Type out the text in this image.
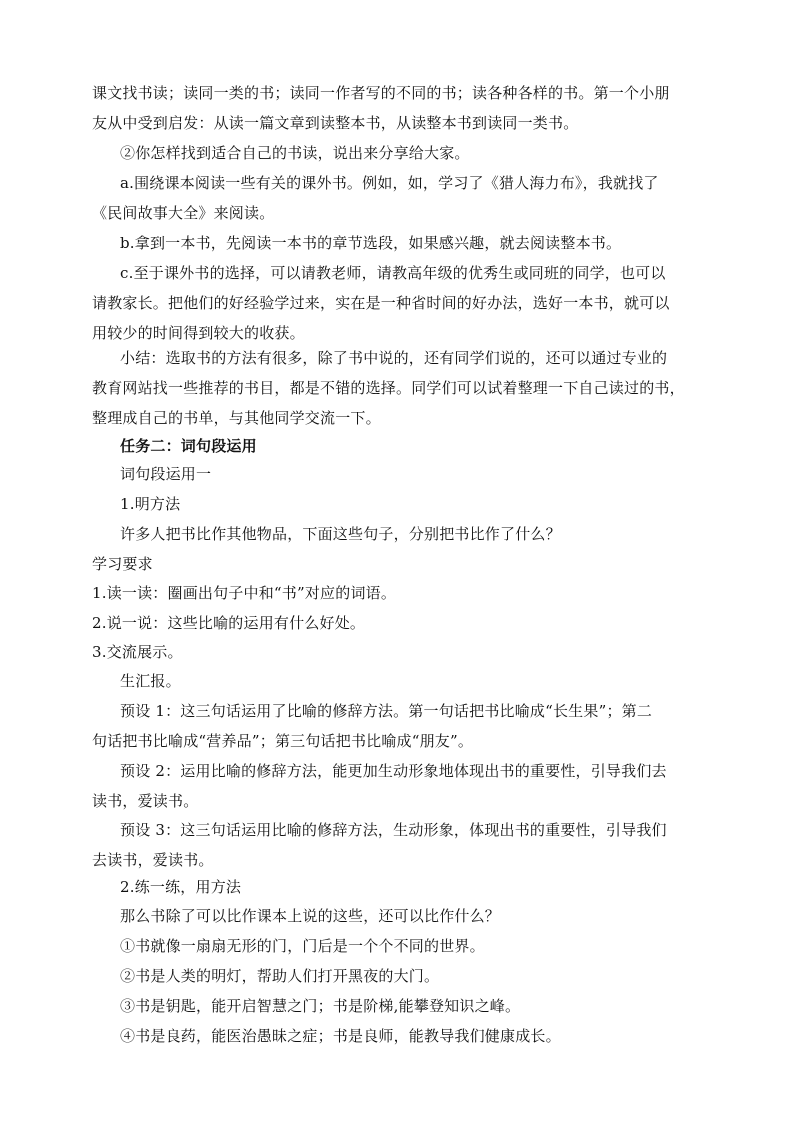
课文找书读；读同一类的书；读同一作者写的不同的书；读各种各样的书。第一个小朋
友从中受到启发：从读一篇文章到读整本书，从读整本书到读同一类书。
②你怎样找到适合自己的书读，说出来分享给大家。
a.围绕课本阅读一些有关的课外书。例如，如，学习了《猎人海力布》，我就找了
《民间故事大全》来阅读。
b.拿到一本书，先阅读一本书的章节选段，如果感兴趣，就去阅读整本书。
c.至于课外书的选择，可以请教老师，请教高年级的优秀生或同班的同学，也可以
请教家长。把他们的好经验学过来，实在是一种省时间的好办法，选好一本书，就可以
用较少的时间得到较大的收获。
小结：选取书的方法有很多，除了书中说的，还有同学们说的，还可以通过专业的
教育网站找一些推荐的书目，都是不错的选择。同学们可以试着整理一下自己读过的书，
整理成自己的书单，与其他同学交流一下。
任务二：词句段运用
词句段运用一
1.明方法
许多人把书比作其他物品，下面这些句子，分别把书比作了什么？
学习要求
1.读一读：圈画出句子中和“书”对应的词语。
2.说一说：这些比喻的运用有什么好处。
3.交流展示。
生汇报。
预设 1：这三句话运用了比喻的修辞方法。第一句话把书比喻成“长生果”；第二
句话把书比喻成“营养品”；第三句话把书比喻成“朋友”。
预设 2：运用比喻的修辞方法，能更加生动形象地体现出书的重要性，引导我们去
读书，爱读书。
预设 3：这三句话运用比喻的修辞方法，生动形象，体现出书的重要性，引导我们
去读书，爱读书。
2.练一练，用方法
那么书除了可以比作课本上说的这些，还可以比作什么？
①书就像一扇扇无形的门，门后是一个个不同的世界。
②书是人类的明灯，帮助人们打开黑夜的大门。
③书是钥匙，能开启智慧之门；书是阶梯,能攀登知识之峰。
④书是良药，能医治愚昧之症；书是良师，能教导我们健康成长。
